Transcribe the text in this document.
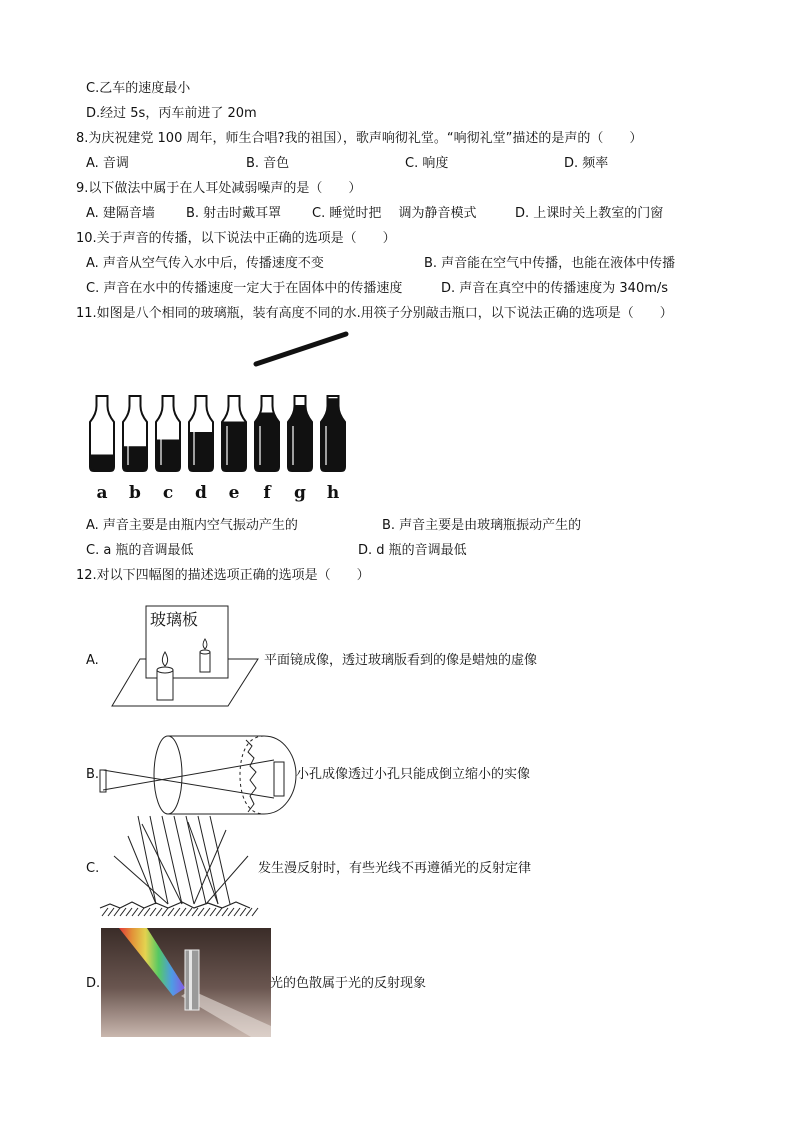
C.乙车的速度最小
D.经过 5s，丙车前进了 20m
8.为庆祝建党 100 周年，师生合唱?我的祖国），歌声响彻礼堂。“响彻礼堂”描述的是声的（　　）
A. 音调	B. 音色	C. 响度	D. 频率
9.以下做法中属于在人耳处减弱噪声的是（　　）
A. 建隔音墙 B. 射击时戴耳罩 C. 睡觉时把　 调为静音模式	D. 上课时关上教室的门窗
10.关于声音的传播，以下说法中正确的选项是（　　）
A. 声音从空气传入水中后，传播速度不变	B. 声音能在空气中传播，也能在液体中传播
C. 声音在水中的传播速度一定大于在固体中的传播速度	D. 声音在真空中的传播速度为 340m/s
11.如图是八个相同的玻璃瓶，装有高度不同的水.用筷子分别敲击瓶口，以下说法正确的选项是（　　）
a b c d e f g h
A. 声音主要是由瓶内空气振动产生的	B. 声音主要是由玻璃瓶振动产生的
C. a 瓶的音调最低	D. d 瓶的音调最低
12.对以下四幅图的描述选项正确的选项是（　　）
A.
玻璃板
平面镜成像，透过玻璃版看到的像是蜡烛的虚像
B.	小孔成像透过小孔只能成倒立缩小的实像
C.	发生漫反射时，有些光线不再遵循光的反射定律
D.	光的色散属于光的反射现象
